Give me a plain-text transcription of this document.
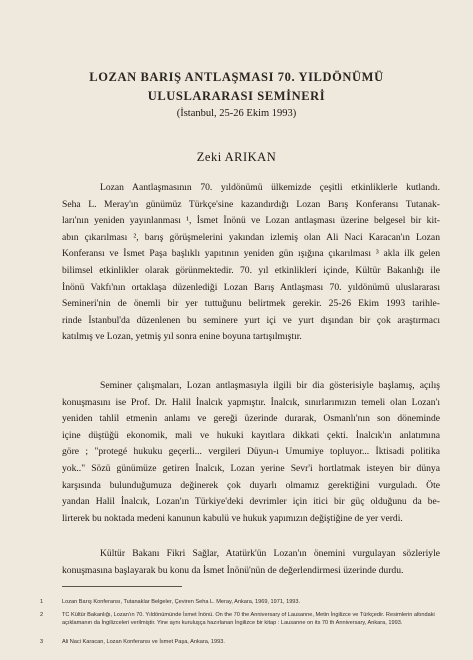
LOZAN BARIŞ ANTLAŞMASI 70. YILDÖNÜMÜ
ULUSLARARASI SEMİNERİ
(İstanbul, 25-26 Ekim 1993)
Zeki ARIKAN

Lozan Aantlaşmasının 70. yıldönümü ülkemizde çeşitli etkinliklerle kutlandı.

Seha L. Meray'ın günümüz Türkçe'sine kazandırdığı Lozan Barış Konferansı Tutanak-

ları'nın yeniden yayınlanması ¹, İsmet İnönü ve Lozan antlaşması üzerine belgesel bir kit-

abın çıkarılması ², barış görüşmelerini yakından izlemiş olan Ali Naci Karacan'ın Lozan

Konferansı ve İsmet Paşa başlıklı yapıtının yeniden gün ışığına çıkarılması ³ akla ilk gelen

bilimsel etkinlikler olarak görünmektedir. 70. yıl etkinlikleri içinde, Kültür Bakanlığı ile

İnönü Vakfı'nın ortaklaşa düzenlediği Lozan Barış Antlaşması 70. yıldönümü uluslararası

Semineri'nin de önemli bir yer tuttuğunu belirtmek gerekir. 25-26 Ekim 1993 tarihle-

rinde İstanbul'da düzenlenen bu seminere yurt içi ve yurt dışından bir çok araştırmacı

katılmış ve Lozan, yetmiş yıl sonra enine boyuna tartışılmıştır.

Seminer çalışmaları, Lozan antlaşmasıyla ilgili bir dia gösterisiyle başlamış, açılış

konuşmasını ise Prof. Dr. Halil İnalcık yapmıştır. İnalcık, sınırlarımızın temeli olan Lozan'ı

yeniden tahlil etmenin anlamı ve gereği üzerinde durarak, Osmanlı'nın son döneminde

içine düştüğü ekonomik, mali ve hukuki kayıtlara dikkati çekti. İnalcık'ın anlatımına

göre ; "protegé hukuku geçerli... vergileri Düyun-ı Umumiye topluyor... İktisadi politika

yok.." Sözü günümüze getiren İnalcık, Lozan yerine Sevr'i hortlatmak isteyen bir dünya

karşısında bulunduğumuza değinerek çok duyarlı olmamız gerektiğini vurguladı. Öte

yandan Halil İnalcık, Lozan'ın Türkiye'deki devrimler için itici bir güç olduğunu da be-

lirterek bu noktada medeni kanunun kabulü ve hukuk yapımızın değiştiğine de yer verdi.

Kültür Bakanı Fikri Sağlar, Atatürk'ün Lozan'ın önemini vurgulayan sözleriyle

konuşmasına başlayarak bu konu da İsmet İnönü'nün de değerlendirmesi üzerinde durdu.

1	Lozan Barış Konferansı, Tutanaklar Belgeler, Çeviren Seha L. Meray, Ankara, 1969, 1971, 1993.
2	TC Kültür Bakanlığı, Lozan'ın 70. Yıldönümünde İsmet İnönü. On the 70 the Anniversary of Lausanne, Metin İngilizce ve Türkçedir. Resimlerin altındaki açıklamanın da İngilizceleri verilmiştir. Yine aynı kuruluşça hazırlanan İngilizce bir kitap : Lausanne on its 70 th Anniversary, Ankara, 1993.
3	Ali Naci Karacan, Lozan Konferansı ve İsmet Paşa, Ankara, 1993.
